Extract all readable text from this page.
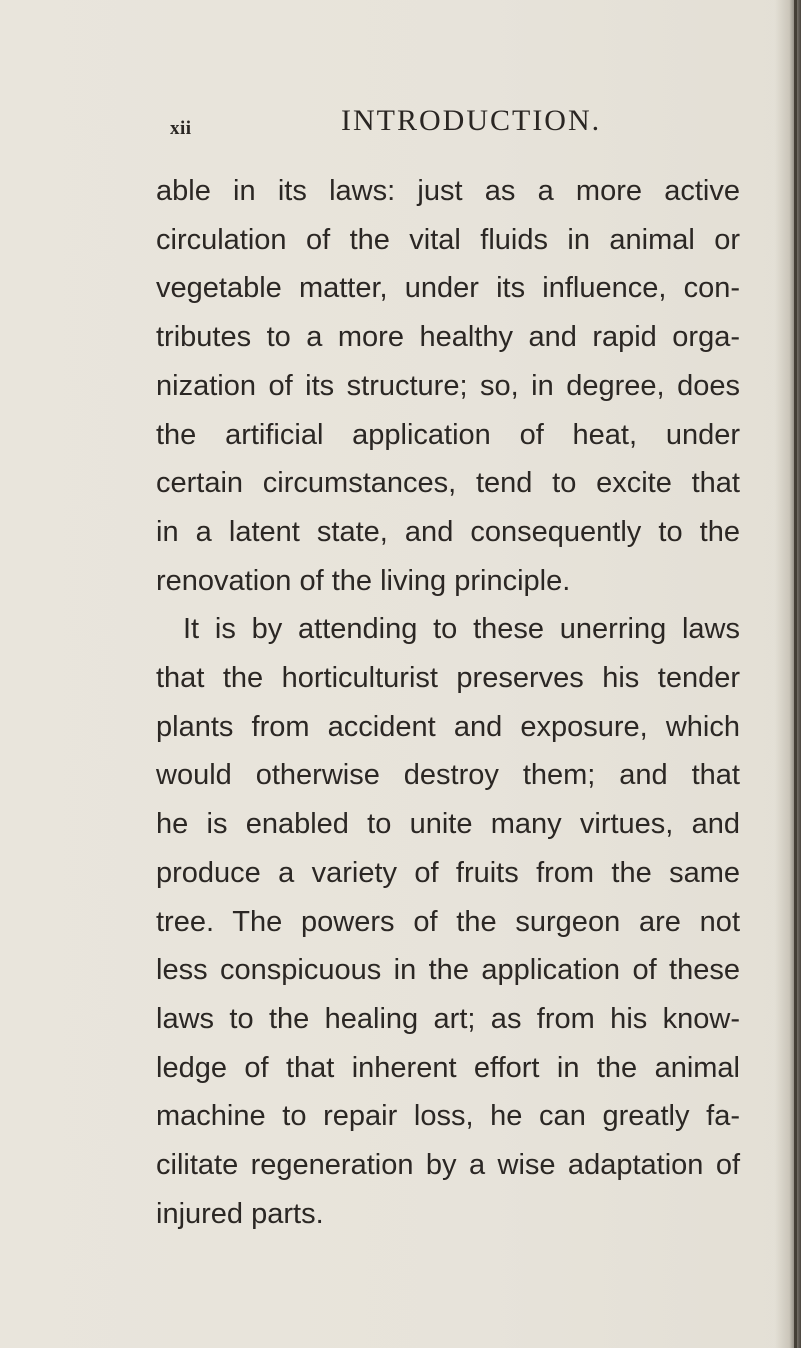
xii	INTRODUCTION.
able in its laws: just as a more active
circulation of the vital fluids in animal or
vegetable matter, under its influence, con-
tributes to a more healthy and rapid orga-
nization of its structure; so, in degree, does
the artificial application of heat, under
certain circumstances, tend to excite that
in a latent state, and consequently to the
renovation of the living principle.
It is by attending to these unerring laws
that the horticulturist preserves his tender
plants from accident and exposure, which
would otherwise destroy them; and that
he is enabled to unite many virtues, and
produce a variety of fruits from the same
tree. The powers of the surgeon are not
less conspicuous in the application of these
laws to the healing art; as from his know-
ledge of that inherent effort in the animal
machine to repair loss, he can greatly fa-
cilitate regeneration by a wise adaptation of
injured parts.
